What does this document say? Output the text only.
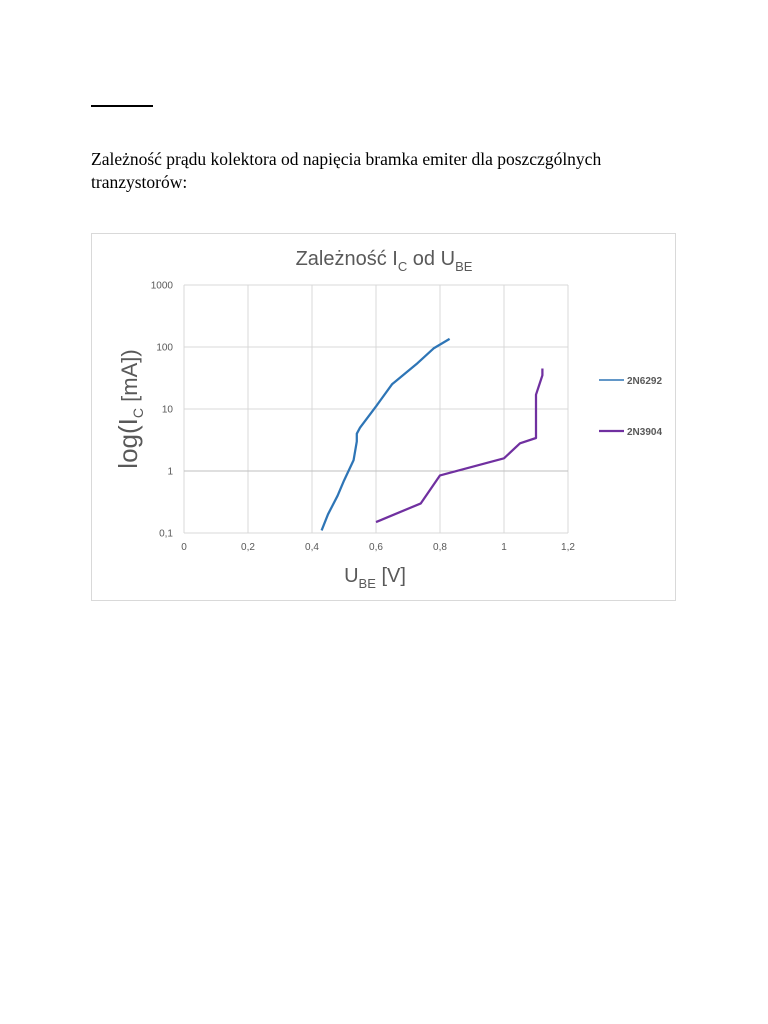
Zależność prądu kolektora od napięcia bramka emiter dla poszczgólnych tranzystorów:
0	0,2	0,4	0,6	0,8	1	1,2
0,1
1
10
100
1000
2N6292
2N3904
Zależność $I_C$ od $U_{BE}$
$U_{BE}$ [V]
$\log(I_C$ [mA])
